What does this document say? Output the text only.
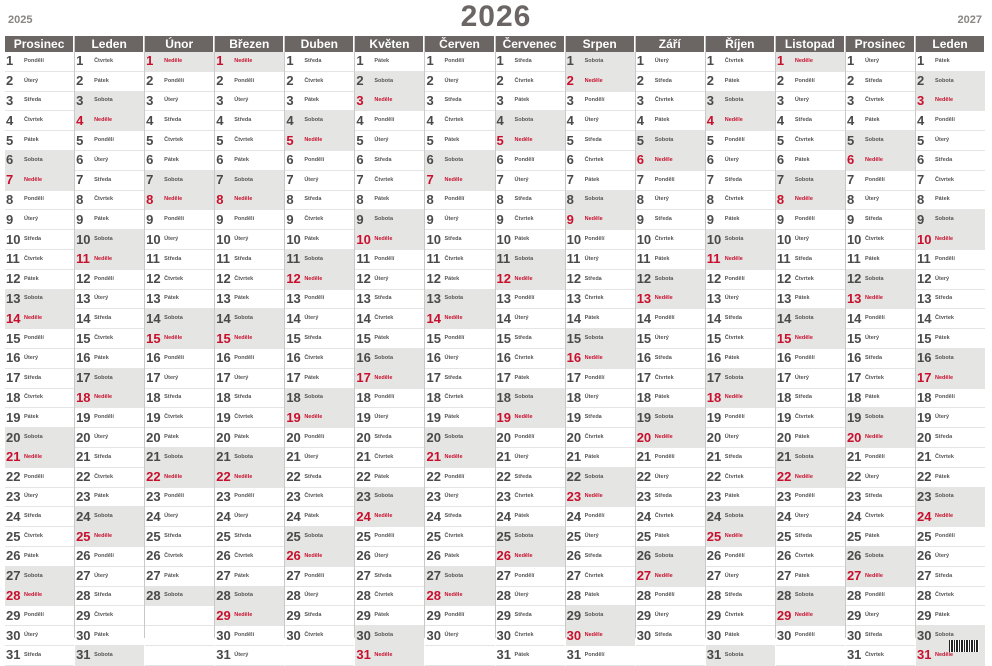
2025	2026	2027
Prosinec
1	Pondělí
2	Úterý
3	Středa
4	Čtvrtek
5	Pátek
6	Sobota
7	Neděle
8	Pondělí
9	Úterý
10 Středa
11 Čtvrtek
12 Pátek
13 Sobota
14 Neděle
15 Pondělí
16 Úterý
17 Středa
18 Čtvrtek
19 Pátek
20 Sobota
21 Neděle
22 Pondělí
23 Úterý
24 Středa
25 Čtvrtek
26 Pátek
27 Sobota
28 Neděle
29 Pondělí
30 Úterý
31 Středa
Leden
1	Čtvrtek
2	Pátek
3	Sobota
4	Neděle
5	Pondělí
6	Úterý
7	Středa
8	Čtvrtek
9	Pátek
10 Sobota
11 Neděle
12 Pondělí
13 Úterý
14 Středa
15 Čtvrtek
16 Pátek
17 Sobota
18 Neděle
19 Pondělí
20 Úterý
21 Středa
22 Čtvrtek
23 Pátek
24 Sobota
25 Neděle
26 Pondělí
27 Úterý
28 Středa
29 Čtvrtek
30 Pátek
31 Sobota
Únor
1	Neděle
2	Pondělí
3	Úterý
4	Středa
5	Čtvrtek
6	Pátek
7	Sobota
8	Neděle
9	Pondělí
10 Úterý
11 Středa
12 Čtvrtek
13 Pátek
14 Sobota
15 Neděle
16 Pondělí
17 Úterý
18 Středa
19 Čtvrtek
20 Pátek
21 Sobota
22 Neděle
23 Pondělí
24 Úterý
25 Středa
26 Čtvrtek
27 Pátek
28 Sobota
Březen
1	Neděle
2	Pondělí
3	Úterý
4	Středa
5	Čtvrtek
6	Pátek
7	Sobota
8	Neděle
9	Pondělí
10 Úterý
11 Středa
12 Čtvrtek
13 Pátek
14 Sobota
15 Neděle
16 Pondělí
17 Úterý
18 Středa
19 Čtvrtek
20 Pátek
21 Sobota
22 Neděle
23 Pondělí
24 Úterý
25 Středa
26 Čtvrtek
27 Pátek
28 Sobota
29 Neděle
30 Pondělí
31 Úterý
Duben
1	Středa
2	Čtvrtek
3	Pátek
4	Sobota
5	Neděle
6	Pondělí
7	Úterý
8	Středa
9	Čtvrtek
10 Pátek
11 Sobota
12 Neděle
13 Pondělí
14 Úterý
15 Středa
16 Čtvrtek
17 Pátek
18 Sobota
19 Neděle
20 Pondělí
21 Úterý
22 Středa
23 Čtvrtek
24 Pátek
25 Sobota
26 Neděle
27 Pondělí
28 Úterý
29 Středa
30 Čtvrtek
Květen
1	Pátek
2	Sobota
3	Neděle
4	Pondělí
5	Úterý
6	Středa
7	Čtvrtek
8	Pátek
9	Sobota
10 Neděle
11 Pondělí
12 Úterý
13 Středa
14 Čtvrtek
15 Pátek
16 Sobota
17 Neděle
18 Pondělí
19 Úterý
20 Středa
21 Čtvrtek
22 Pátek
23 Sobota
24 Neděle
25 Pondělí
26 Úterý
27 Středa
28 Čtvrtek
29 Pátek
30 Sobota
31 Neděle
Červen
1	Pondělí
2	Úterý
3	Středa
4	Čtvrtek
5	Pátek
6	Sobota
7	Neděle
8	Pondělí
9	Úterý
10 Středa
11 Čtvrtek
12 Pátek
13 Sobota
14 Neděle
15 Pondělí
16 Úterý
17 Středa
18 Čtvrtek
19 Pátek
20 Sobota
21 Neděle
22 Pondělí
23 Úterý
24 Středa
25 Čtvrtek
26 Pátek
27 Sobota
28 Neděle
29 Pondělí
30 Úterý
Červenec
1	Středa
2	Čtvrtek
3	Pátek
4	Sobota
5	Neděle
6	Pondělí
7	Úterý
8	Středa
9	Čtvrtek
10 Pátek
11 Sobota
12 Neděle
13 Pondělí
14 Úterý
15 Středa
16 Čtvrtek
17 Pátek
18 Sobota
19 Neděle
20 Pondělí
21 Úterý
22 Středa
23 Čtvrtek
24 Pátek
25 Sobota
26 Neděle
27 Pondělí
28 Úterý
29 Středa
30 Čtvrtek
31 Pátek
Srpen
1	Sobota
2	Neděle
3	Pondělí
4	Úterý
5	Středa
6	Čtvrtek
7	Pátek
8	Sobota
9	Neděle
10 Pondělí
11 Úterý
12 Středa
13 Čtvrtek
14 Pátek
15 Sobota
16 Neděle
17 Pondělí
18 Úterý
19 Středa
20 Čtvrtek
21 Pátek
22 Sobota
23 Neděle
24 Pondělí
25 Úterý
26 Středa
27 Čtvrtek
28 Pátek
29 Sobota
30 Neděle
31 Pondělí
Září
1	Úterý
2	Středa
3	Čtvrtek
4	Pátek
5	Sobota
6	Neděle
7	Pondělí
8	Úterý
9	Středa
10 Čtvrtek
11 Pátek
12 Sobota
13 Neděle
14 Pondělí
15 Úterý
16 Středa
17 Čtvrtek
18 Pátek
19 Sobota
20 Neděle
21 Pondělí
22 Úterý
23 Středa
24 Čtvrtek
25 Pátek
26 Sobota
27 Neděle
28 Pondělí
29 Úterý
30 Středa
Říjen
1	Čtvrtek
2	Pátek
3	Sobota
4	Neděle
5	Pondělí
6	Úterý
7	Středa
8	Čtvrtek
9	Pátek
10 Sobota
11 Neděle
12 Pondělí
13 Úterý
14 Středa
15 Čtvrtek
16 Pátek
17 Sobota
18 Neděle
19 Pondělí
20 Úterý
21 Středa
22 Čtvrtek
23 Pátek
24 Sobota
25 Neděle
26 Pondělí
27 Úterý
28 Středa
29 Čtvrtek
30 Pátek
31 Sobota
Listopad
1	Neděle
2	Pondělí
3	Úterý
4	Středa
5	Čtvrtek
6	Pátek
7	Sobota
8	Neděle
9	Pondělí
10 Úterý
11 Středa
12 Čtvrtek
13 Pátek
14 Sobota
15 Neděle
16 Pondělí
17 Úterý
18 Středa
19 Čtvrtek
20 Pátek
21 Sobota
22 Neděle
23 Pondělí
24 Úterý
25 Středa
26 Čtvrtek
27 Pátek
28 Sobota
29 Neděle
30 Pondělí
Prosinec
1	Úterý
2	Středa
3	Čtvrtek
4	Pátek
5	Sobota
6	Neděle
7	Pondělí
8	Úterý
9	Středa
10 Čtvrtek
11 Pátek
12 Sobota
13 Neděle
14 Pondělí
15 Úterý
16 Středa
17 Čtvrtek
18 Pátek
19 Sobota
20 Neděle
21 Pondělí
22 Úterý
23 Středa
24 Čtvrtek
25 Pátek
26 Sobota
27 Neděle
28 Pondělí
29 Úterý
30 Středa
31 Čtvrtek
Leden
1	Pátek
2	Sobota
3	Neděle
4	Pondělí
5	Úterý
6	Středa
7	Čtvrtek
8	Pátek
9	Sobota
10 Neděle
11 Pondělí
12 Úterý
13 Středa
14 Čtvrtek
15 Pátek
16 Sobota
17 Neděle
18 Pondělí
19 Úterý
20 Středa
21 Čtvrtek
22 Pátek
23 Sobota
24 Neděle
25 Pondělí
26 Úterý
27 Středa
28 Čtvrtek
29 Pátek
30 Sobota
31 Neděle
